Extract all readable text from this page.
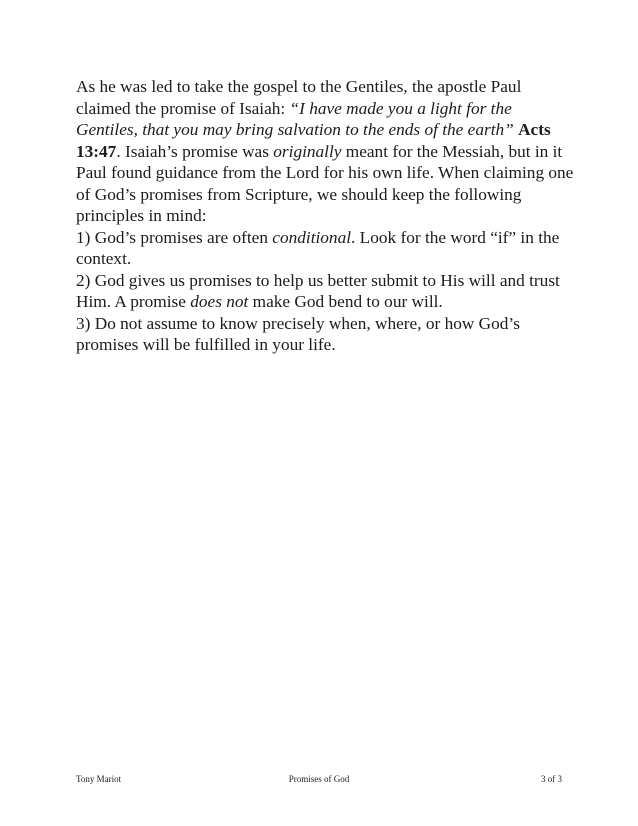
As he was led to take the gospel to the Gentiles, the apostle Paul claimed the promise of Isaiah: “I have made you a light for the Gentiles, that you may bring salvation to the ends of the earth” Acts 13:47. Isaiah’s promise was originally meant for the Messiah, but in it Paul found guidance from the Lord for his own life. When claiming one of God’s promises from Scripture, we should keep the following principles in mind:

1) God’s promises are often conditional. Look for the word “if” in the context.

2) God gives us promises to help us better submit to His will and trust Him. A promise does not make God bend to our will.

3) Do not assume to know precisely when, where, or how God’s promises will be fulfilled in your life.

Tony Mariot	Promises of God	3 of 3
